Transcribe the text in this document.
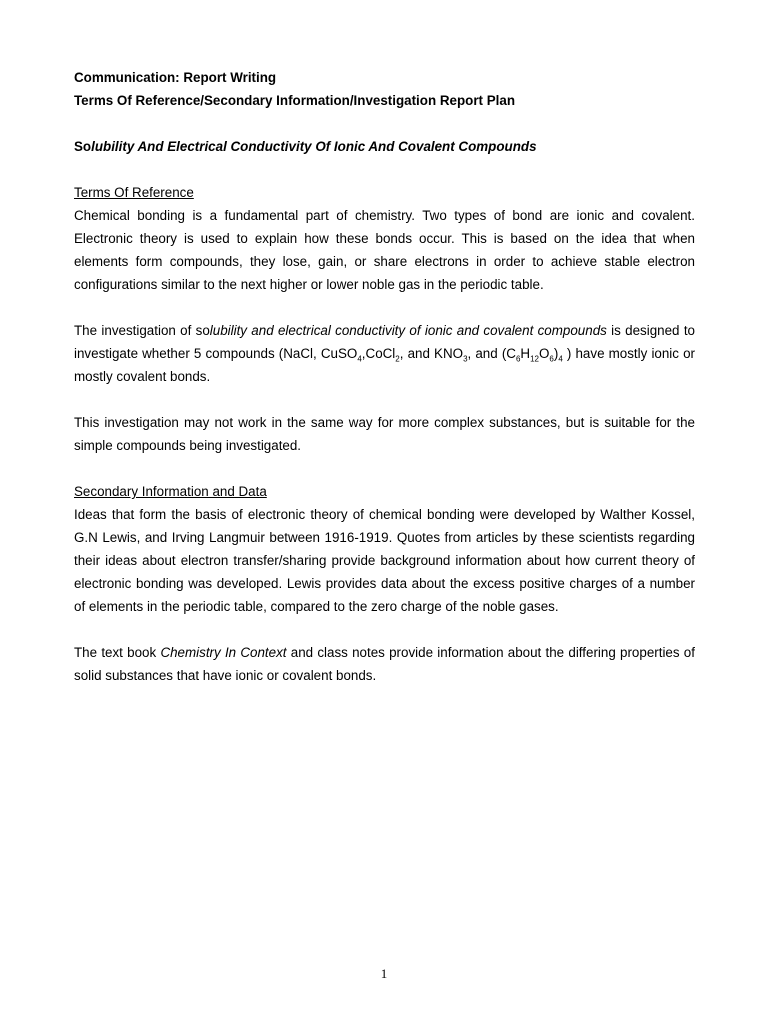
Communication: Report Writing
Terms Of Reference/Secondary Information/Investigation Report Plan
Solubility And Electrical Conductivity Of Ionic And Covalent Compounds
Terms Of Reference
Chemical bonding is a fundamental part of chemistry. Two types of bond are ionic and covalent. Electronic theory is used to explain how these bonds occur. This is based on the idea that when elements form compounds, they lose, gain, or share electrons in order to achieve stable electron configurations similar to the next higher or lower noble gas in the periodic table.
The investigation of solubility and electrical conductivity of ionic and covalent compounds is designed to investigate whether 5 compounds (NaCl, CuSO$_4$,CoCl$_2$, and $KNO_3$, and $(C_6H_{12}O_6)_4$ ) have mostly ionic or mostly covalent bonds.
This investigation may not work in the same way for more complex substances, but is suitable for the simple compounds being investigated.
Secondary Information and Data
Ideas that form the basis of electronic theory of chemical bonding were developed by Walther Kossel, G.N Lewis, and Irving Langmuir between 1916-1919. Quotes from articles by these scientists regarding their ideas about electron transfer/sharing provide background information about how current theory of electronic bonding was developed. Lewis provides data about the excess positive charges of a number of elements in the periodic table, compared to the zero charge of the noble gases.
The text book Chemistry In Context and class notes provide information about the differing properties of solid substances that have ionic or covalent bonds.
1
